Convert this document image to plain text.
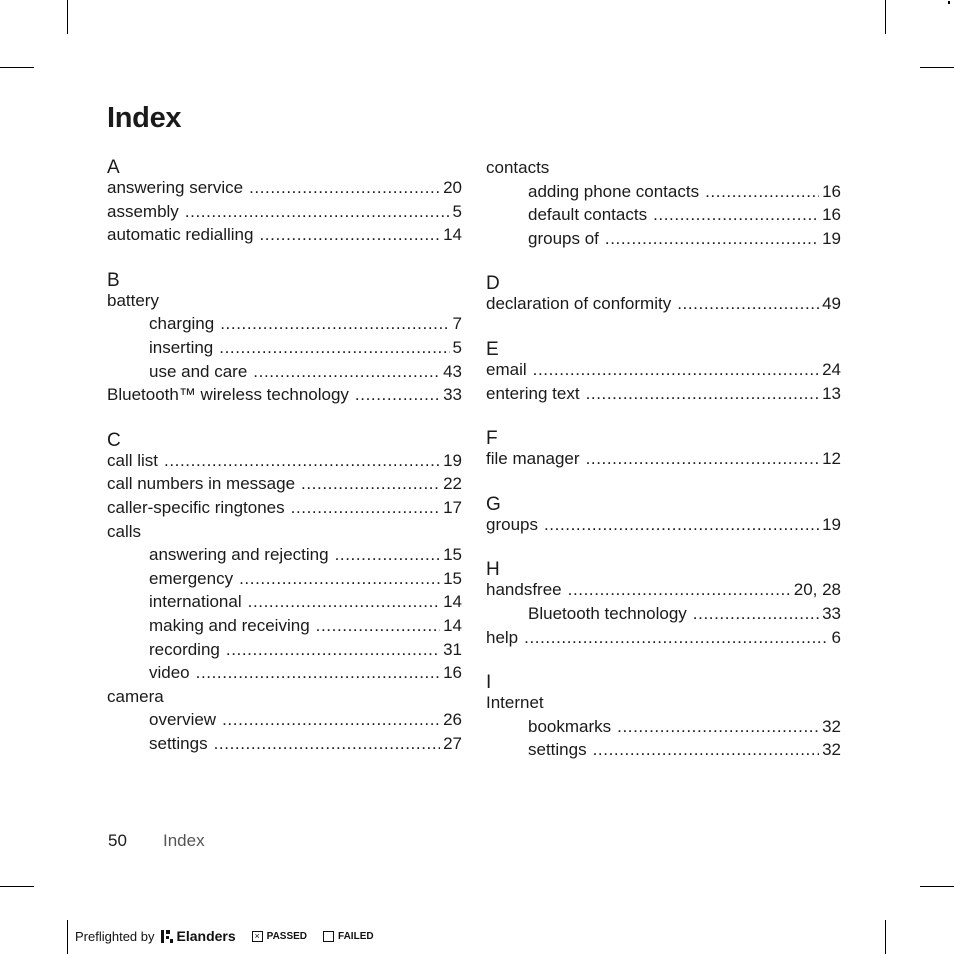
Index
A
answering service .....	20
assembly .....	5
automatic redialling .....	14
B
battery
charging .....	7
inserting .....	5
use and care .....	43
Bluetooth™ wireless technology .....	33
C
call list .....	19
call numbers in message .....	22
caller-specific ringtones .....	17
calls
answering and rejecting .....	15
emergency .....	15
international .....	14
making and receiving .....	14
recording .....	31
video .....	16
camera
overview .....	26
settings .....	27
contacts
adding phone contacts .....	16
default contacts .....	16
groups of .....	19
D
declaration of conformity .....	49
E
email .....	24
entering text .....	13
F
file manager .....	12
G
groups .....	19
H
handsfree .....	20, 28
Bluetooth technology .....	33
help .....	6
I
Internet
bookmarks .....	32
settings .....	32
50 Index
Preflighted by Elanders	× PASSED	FAILED
